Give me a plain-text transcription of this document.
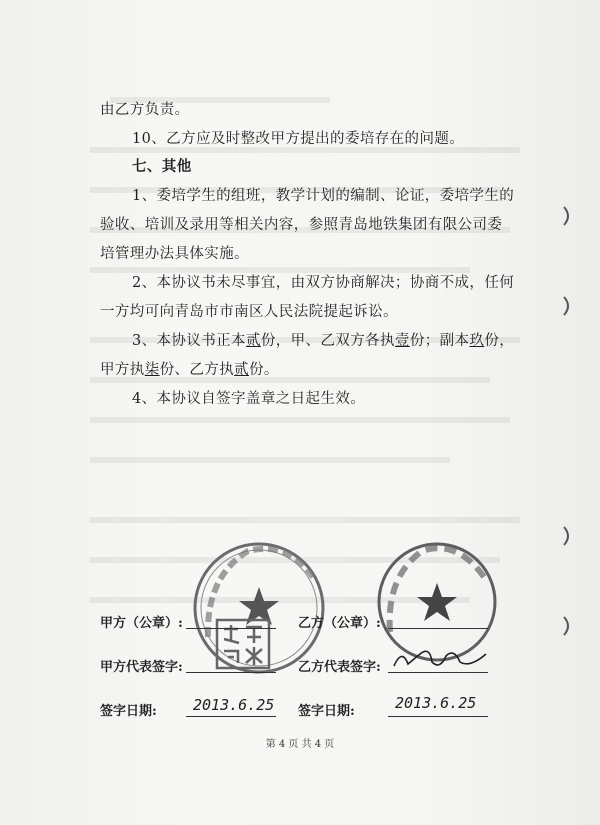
由乙方负责。
10、乙方应及时整改甲方提出的委培存在的问题。
七、其他
1、委培学生的组班，教学计划的编制、论证，委培学生的
验收、培训及录用等相关内容，参照青岛地铁集团有限公司委
培管理办法具体实施。
2、本协议书未尽事宜，由双方协商解决；协商不成，任何
一方均可向青岛市市南区人民法院提起诉讼。
3、本协议书正本贰份，甲、乙双方各执壹份；副本玖份，
甲方执柒份、乙方执贰份。
4、本协议自签字盖章之日起生效。
甲方（公章）:	乙方（公章）:
甲方代表签字:	乙方代表签字:
签字日期: 2013.6.25 签字日期:	2013.6.25
第 4 页 共 4 页
